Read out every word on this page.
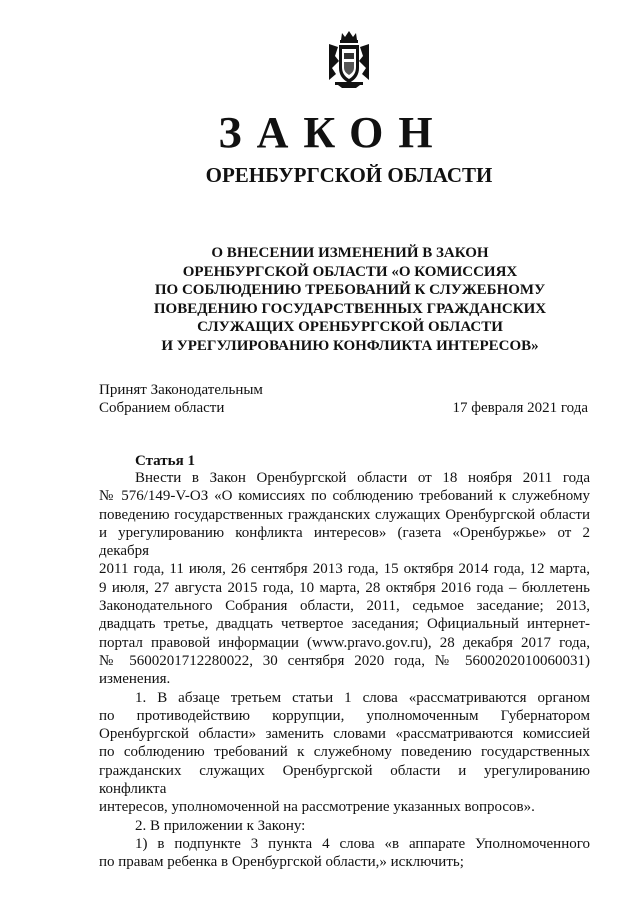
ЗАКОН
ОРЕНБУРГСКОЙ ОБЛАСТИ
О ВНЕСЕНИИ ИЗМЕНЕНИЙ В ЗАКОН
ОРЕНБУРГСКОЙ ОБЛАСТИ «О КОМИССИЯХ
ПО СОБЛЮДЕНИЮ ТРЕБОВАНИЙ К СЛУЖЕБНОМУ
ПОВЕДЕНИЮ ГОСУДАРСТВЕННЫХ ГРАЖДАНСКИХ
СЛУЖАЩИХ ОРЕНБУРГСКОЙ ОБЛАСТИ
И УРЕГУЛИРОВАНИЮ КОНФЛИКТА ИНТЕРЕСОВ»
Принят Законодательным
Собранием области	17 февраля 2021 года
Статья 1
Внести в Закон Оренбургской области от 18 ноября 2011 года
№ 576/149-V-ОЗ «О комиссиях по соблюдению требований к служебному
поведению государственных гражданских служащих Оренбургской области
и урегулированию конфликта интересов» (газета «Оренбуржье» от 2 декабря
2011 года, 11 июля, 26 сентября 2013 года, 15 октября 2014 года, 12 марта,
9 июля, 27 августа 2015 года, 10 марта, 28 октября 2016 года – бюллетень
Законодательного Собрания области, 2011, седьмое заседание; 2013,
двадцать третье, двадцать четвертое заседания; Официальный интернет-
портал правовой информации (www.pravo.gov.ru), 28 декабря 2017 года,
№ 5600201712280022, 30 сентября 2020 года, № 5600202010060031)
изменения.
1. В абзаце третьем статьи 1 слова «рассматриваются органом
по противодействию коррупции, уполномоченным Губернатором
Оренбургской области» заменить словами «рассматриваются комиссией
по соблюдению требований к служебному поведению государственных
гражданских служащих Оренбургской области и урегулированию конфликта
интересов, уполномоченной на рассмотрение указанных вопросов».
2. В приложении к Закону:
1) в подпункте 3 пункта 4 слова «в аппарате Уполномоченного
по правам ребенка в Оренбургской области,» исключить;
